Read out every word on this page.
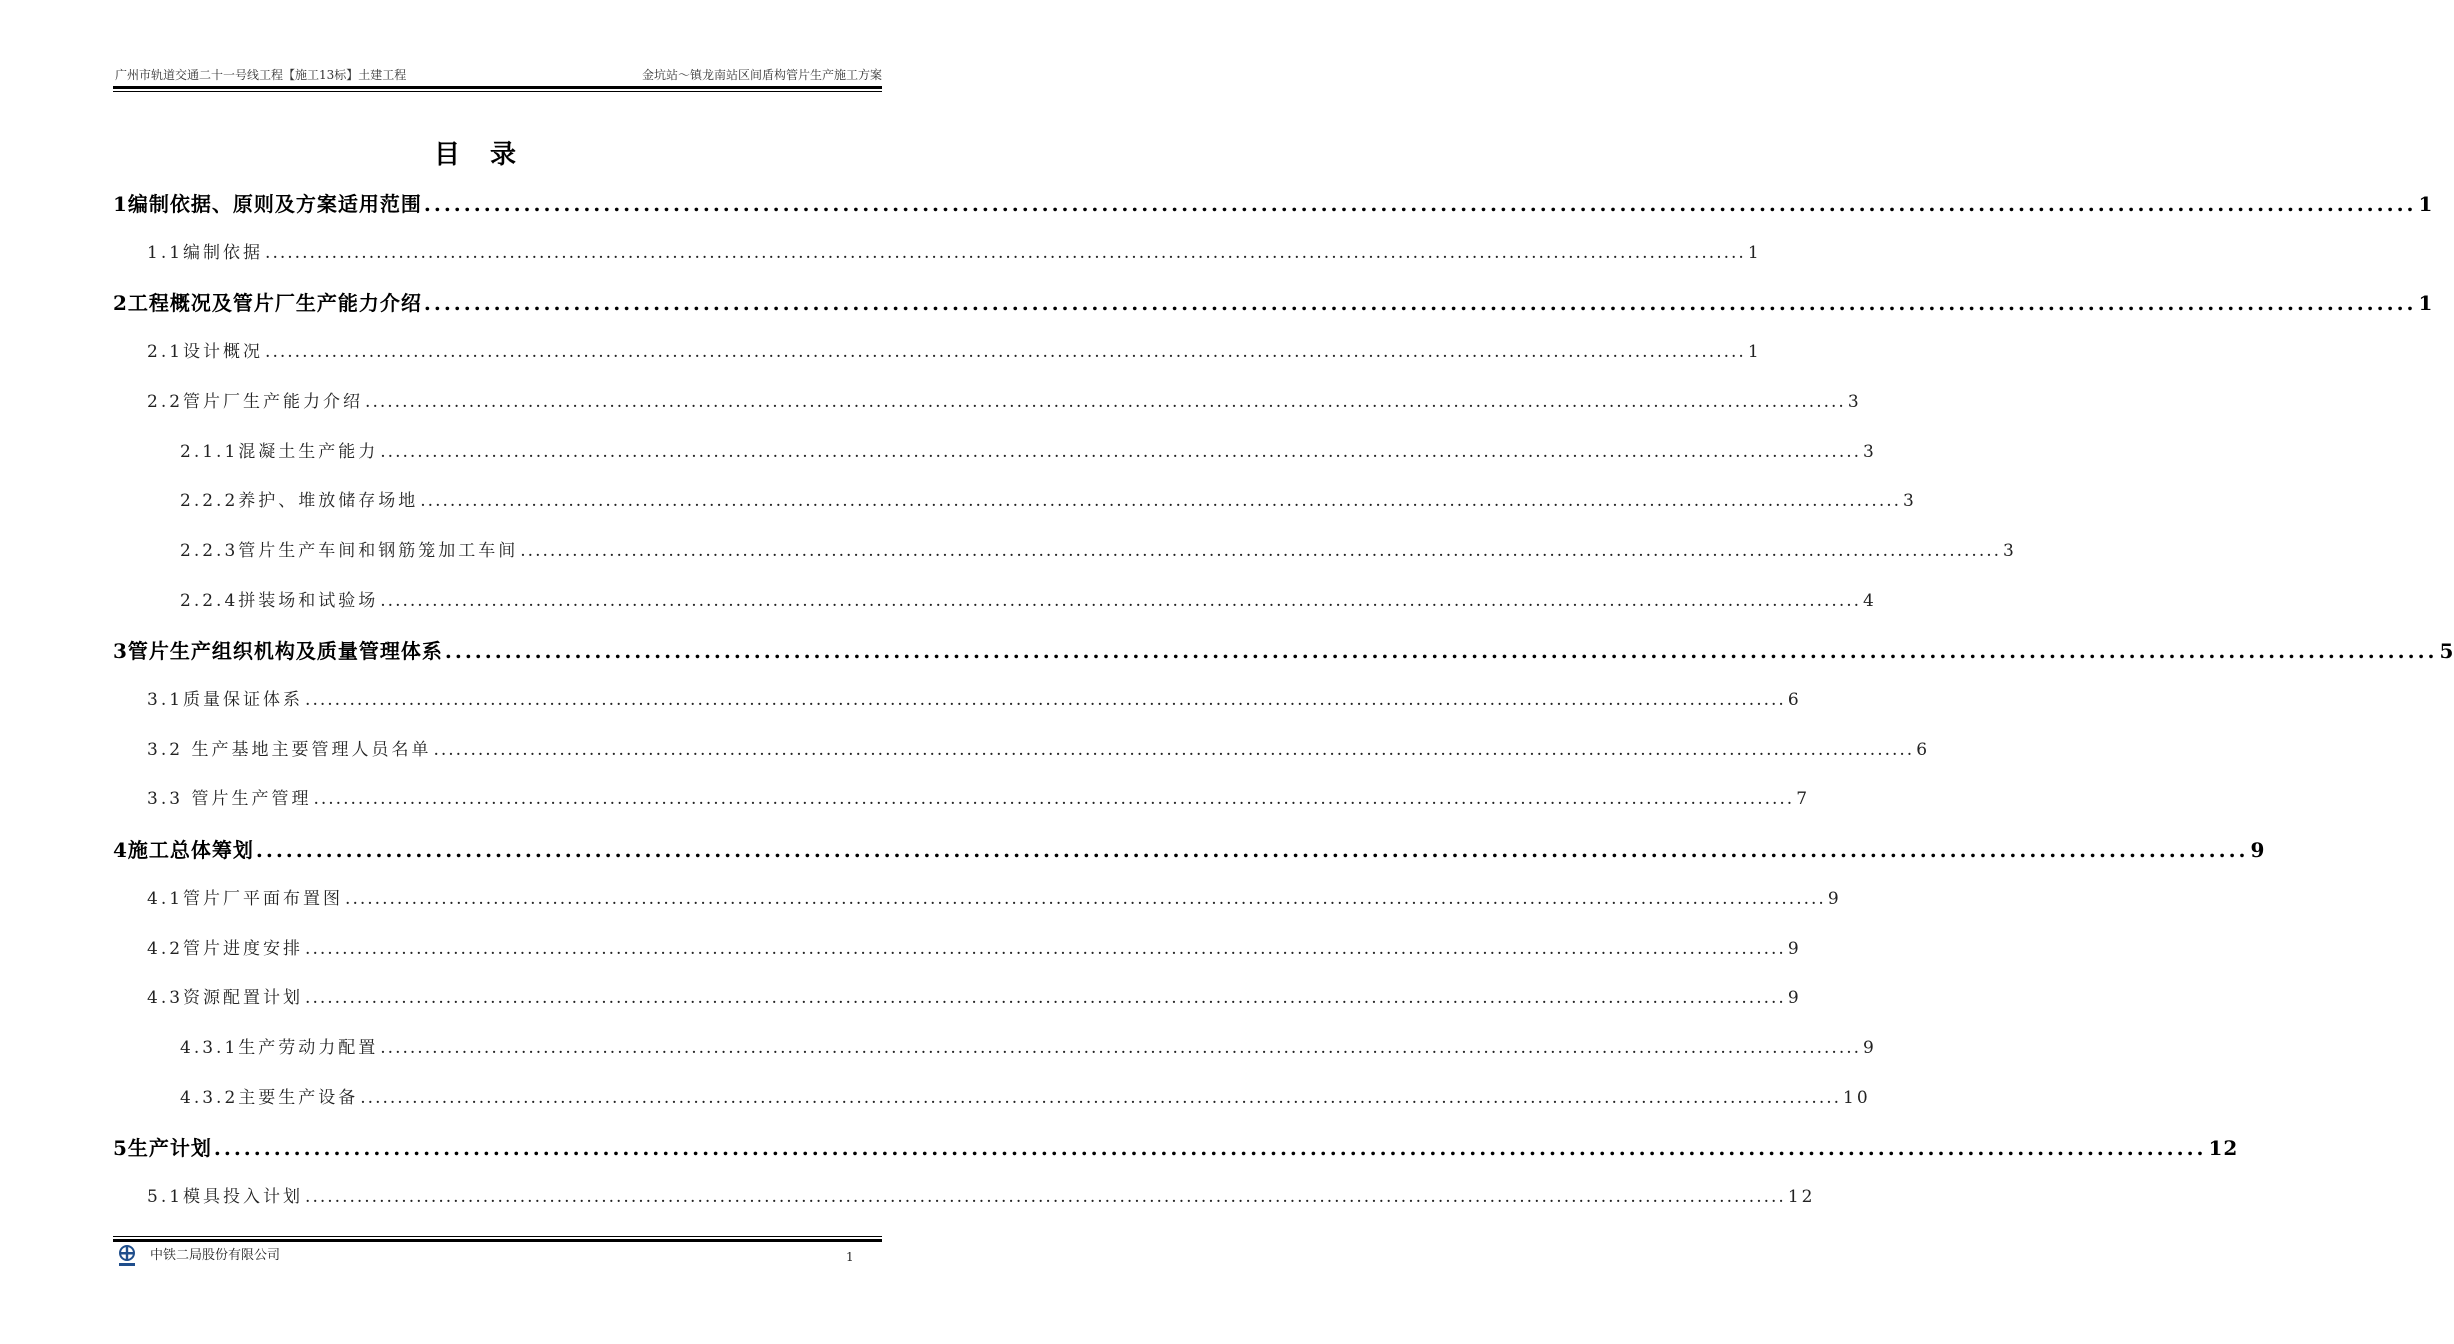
广州市轨道交通二十一号线工程【施工13标】土建工程	金坑站～镇龙南站区间盾构管片生产施工方案
目录
1编制依据、原则及方案适用范围 ........................................................................................................................................................................................................ 1
1.1编制依据 ........................................................................................................................................................................................................ 1
2工程概况及管片厂生产能力介绍 ........................................................................................................................................................................................................ 1
2.1设计概况 ........................................................................................................................................................................................................ 1
2.2管片厂生产能力介绍 ........................................................................................................................................................................................................ 3
2.1.1混凝土生产能力 ........................................................................................................................................................................................................ 3
2.2.2养护、堆放储存场地 ........................................................................................................................................................................................................ 3
2.2.3管片生产车间和钢筋笼加工车间 ........................................................................................................................................................................................................ 3
2.2.4拼装场和试验场 ........................................................................................................................................................................................................ 4
3管片生产组织机构及质量管理体系 ........................................................................................................................................................................................................ 5
3.1质量保证体系 ........................................................................................................................................................................................................ 6
3.2 生产基地主要管理人员名单 ........................................................................................................................................................................................................ 6
3.3 管片生产管理 ........................................................................................................................................................................................................ 7
4施工总体筹划 ........................................................................................................................................................................................................ 9
4.1管片厂平面布置图 ........................................................................................................................................................................................................ 9
4.2管片进度安排 ........................................................................................................................................................................................................ 9
4.3资源配置计划 ........................................................................................................................................................................................................ 9
4.3.1生产劳动力配置 ........................................................................................................................................................................................................ 9
4.3.2主要生产设备 ........................................................................................................................................................................................................ 10
5生产计划 ........................................................................................................................................................................................................ 12
5.1模具投入计划 ........................................................................................................................................................................................................ 12
中铁二局股份有限公司	1
